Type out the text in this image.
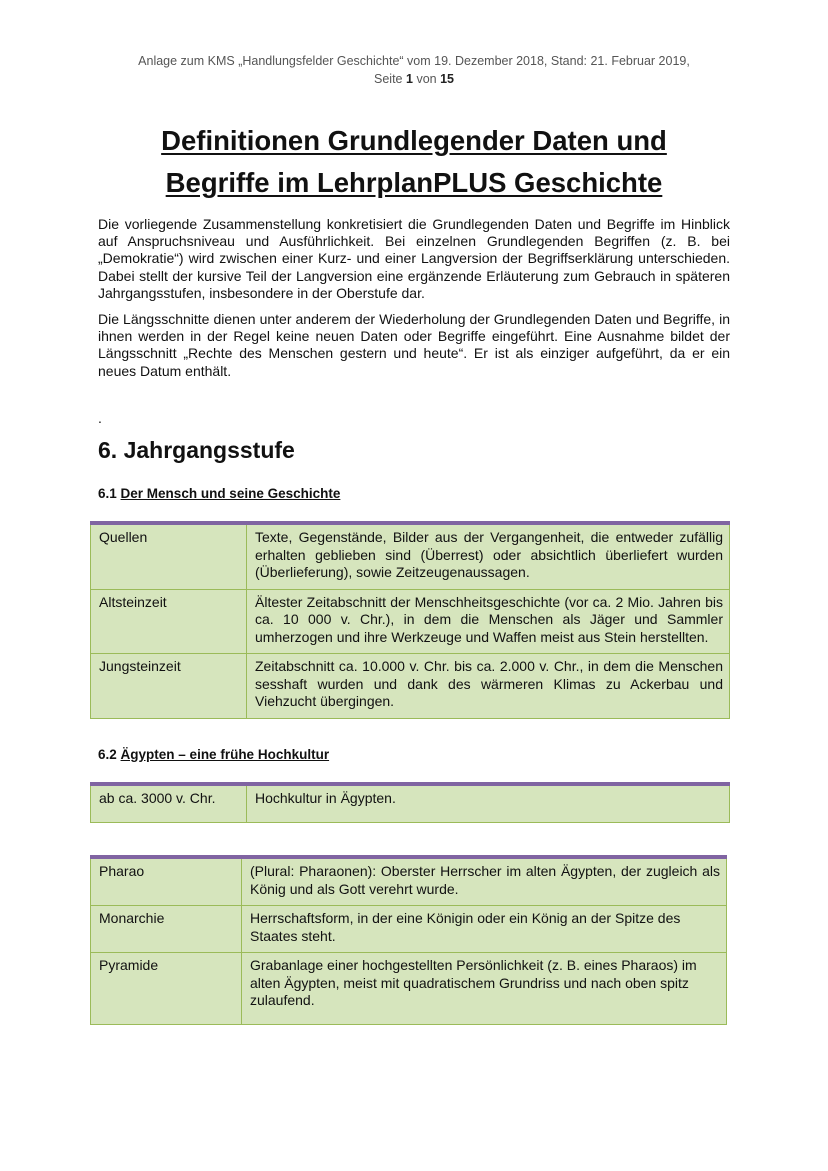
Anlage zum KMS „Handlungsfelder Geschichte“ vom 19. Dezember 2018, Stand: 21. Februar 2019,
Seite 1 von 15
Definitionen Grundlegender Daten und
Begriffe im LehrplanPLUS Geschichte

Die vorliegende Zusammenstellung konkretisiert die Grundlegenden Daten und Begriffe im Hinblick auf Anspruchsniveau und Ausführlichkeit. Bei einzelnen Grundlegenden Begriffen (z. B. bei „Demokratie“) wird zwischen einer Kurz- und einer Langversion der Begriffserklärung unterschieden. Dabei stellt der kursive Teil der Langversion eine ergänzende Erläuterung zum Gebrauch in späteren Jahrgangsstufen, insbesondere in der Oberstufe dar.

Die Längsschnitte dienen unter anderem der Wiederholung der Grundlegenden Daten und Begriffe, in ihnen werden in der Regel keine neuen Daten oder Begriffe eingeführt. Eine Ausnahme bildet der Längsschnitt „Rechte des Menschen gestern und heute“. Er ist als einziger aufgeführt, da er ein neues Datum enthält.

.
6. Jahrgangsstufe
6.1 Der Mensch und seine Geschichte
Quellen	Texte, Gegenstände, Bilder aus der Vergangenheit, die entweder zufällig erhalten geblieben sind (Überrest) oder absichtlich überliefert wurden (Überlieferung), sowie Zeitzeugenaussagen.
Altsteinzeit	Ältester Zeitabschnitt der Menschheitsgeschichte (vor ca. 2 Mio. Jahren bis ca. 10 000 v. Chr.), in dem die Menschen als Jäger und Sammler umherzogen und ihre Werkzeuge und Waffen meist aus Stein herstellten.
Jungsteinzeit	Zeitabschnitt ca. 10.000 v. Chr. bis ca. 2.000 v. Chr., in dem die Menschen sesshaft wurden und dank des wärmeren Klimas zu Ackerbau und Viehzucht übergingen.
6.2 Ägypten – eine frühe Hochkultur
ab ca. 3000 v. Chr.	Hochkultur in Ägypten.
Pharao	(Plural: Pharaonen): Oberster Herrscher im alten Ägypten, der zugleich als König und als Gott verehrt wurde.
Monarchie	Herrschaftsform, in der eine Königin oder ein König an der Spitze des Staates steht.
Pyramide	Grabanlage einer hochgestellten Persönlichkeit (z. B. eines Pharaos) im alten Ägypten, meist mit quadratischem Grundriss und nach oben spitz zulaufend.
